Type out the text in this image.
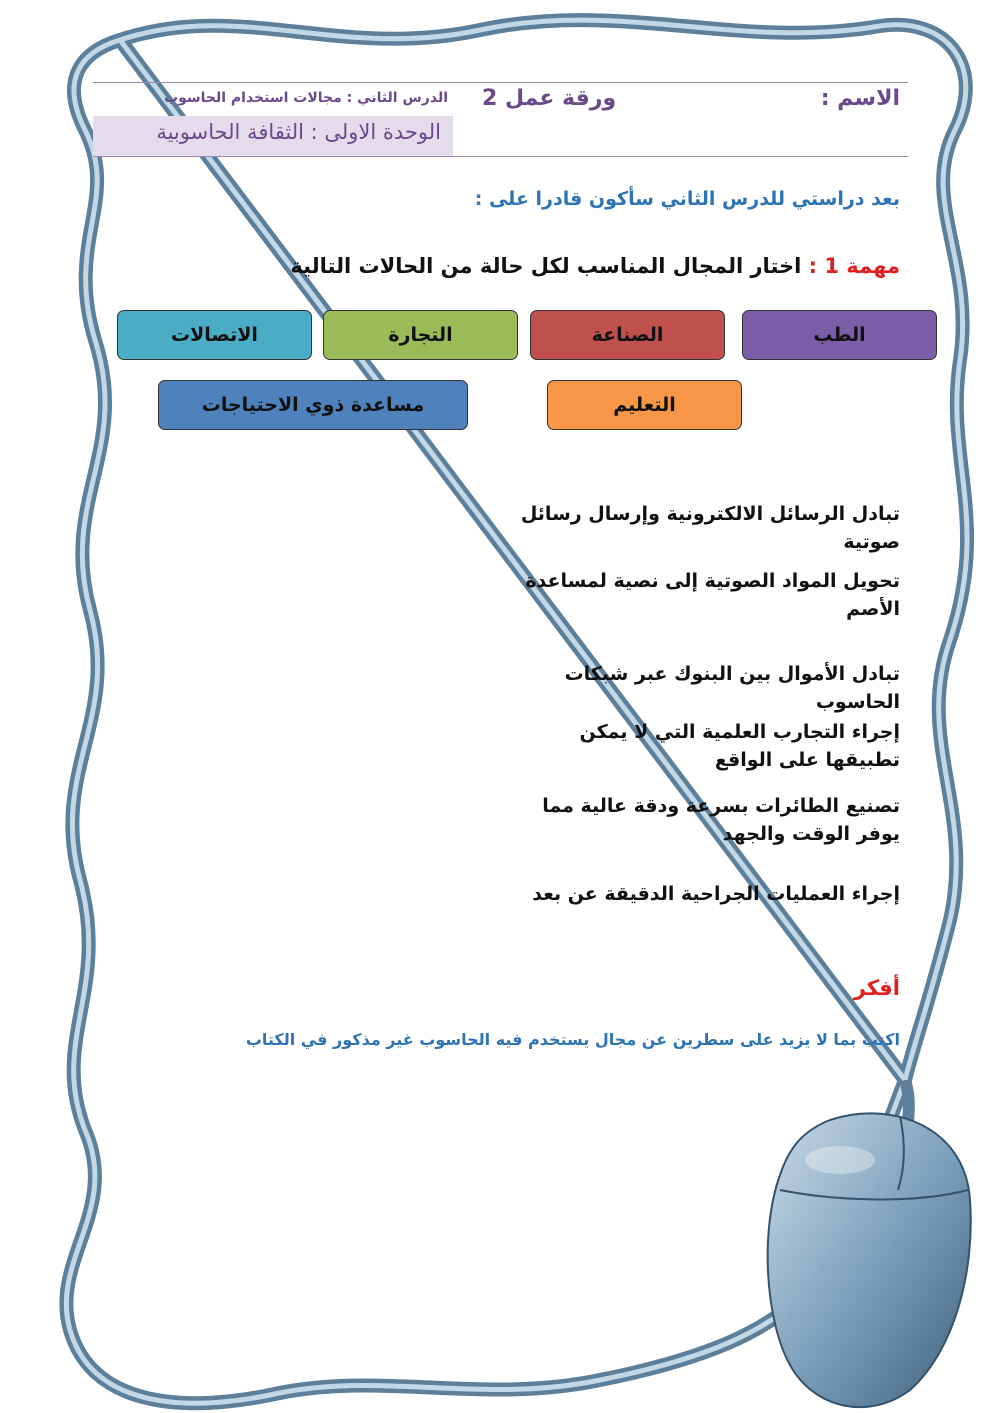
الاسم :
ورقة عمل 2
الدرس الثاني : مجالات استخدام الحاسوب
الوحدة الاولى : الثقافة الحاسوبية
بعد دراستي للدرس الثاني سأكون قادرا على :
مهمة 1 : اختار المجال المناسب لكل حالة من الحالات التالية
الطب
الصناعة
التجارة
الاتصالات
التعليم
مساعدة ذوي الاحتياجات
تبادل الرسائل الالكترونية وإرسال رسائل صوتية
تحويل المواد الصوتية إلى نصية لمساعدة الأصم
تبادل الأموال بين البنوك عبر شبكات الحاسوب
إجراء التجارب العلمية التي لا يمكن تطبيقها على الواقع
تصنيع الطائرات بسرعة ودقة عالية مما يوفر الوقت والجهد
إجراء العمليات الجراحية الدقيقة عن بعد
أفكر
اكتب بما لا يزيد على سطرين عن مجال يستخدم فيه الحاسوب غير مذكور في الكتاب
